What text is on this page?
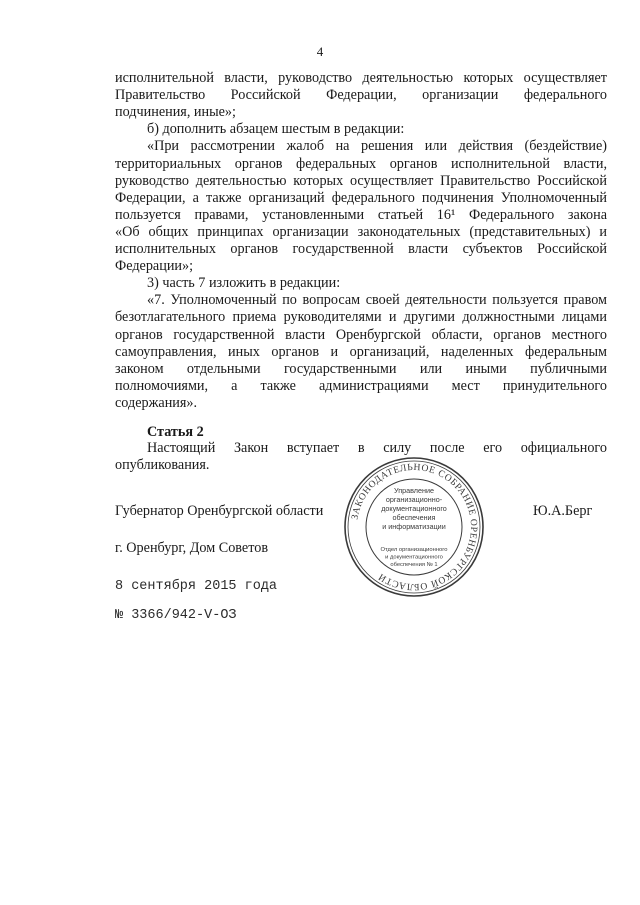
4
исполнительной власти, руководство деятельностью которых осуществляет
Правительство Российской Федерации, организации федерального
подчинения, иные»;
б) дополнить абзацем шестым в редакции:
«При рассмотрении жалоб на решения или действия (бездействие)
территориальных органов федеральных органов исполнительной власти,
руководство деятельностью которых осуществляет Правительство Российской
Федерации, а также организаций федерального подчинения Уполномоченный
пользуется правами, установленными статьей 16¹ Федерального закона
«Об общих принципах организации законодательных (представительных) и
исполнительных органов государственной власти субъектов Российской
Федерации»;
3) часть 7 изложить в редакции:
«7. Уполномоченный по вопросам своей деятельности пользуется правом
безотлагательного приема руководителями и другими должностными лицами
органов государственной власти Оренбургской области, органов местного
самоуправления, иных органов и организаций, наделенных федеральным
законом отдельными государственными или иными публичными
полномочиями, а также администрациями мест принудительного
содержания».
Статья 2
Настоящий Закон вступает в силу после его официального
опубликования.
Губернатор Оренбургской области	Ю.А.Берг
г. Оренбург, Дом Советов
8 сентября 2015 года
№ 3366/942-V-ОЗ
ЗАКОНОДАТЕЛЬНОЕ СОБРАНИЕ ОРЕНБУРГСКОЙ ОБЛАСТИ
Управление
организационно-
документационного
обеспечения
и информатизации
Отдел организационного
и документационного
обеспечения № 1
